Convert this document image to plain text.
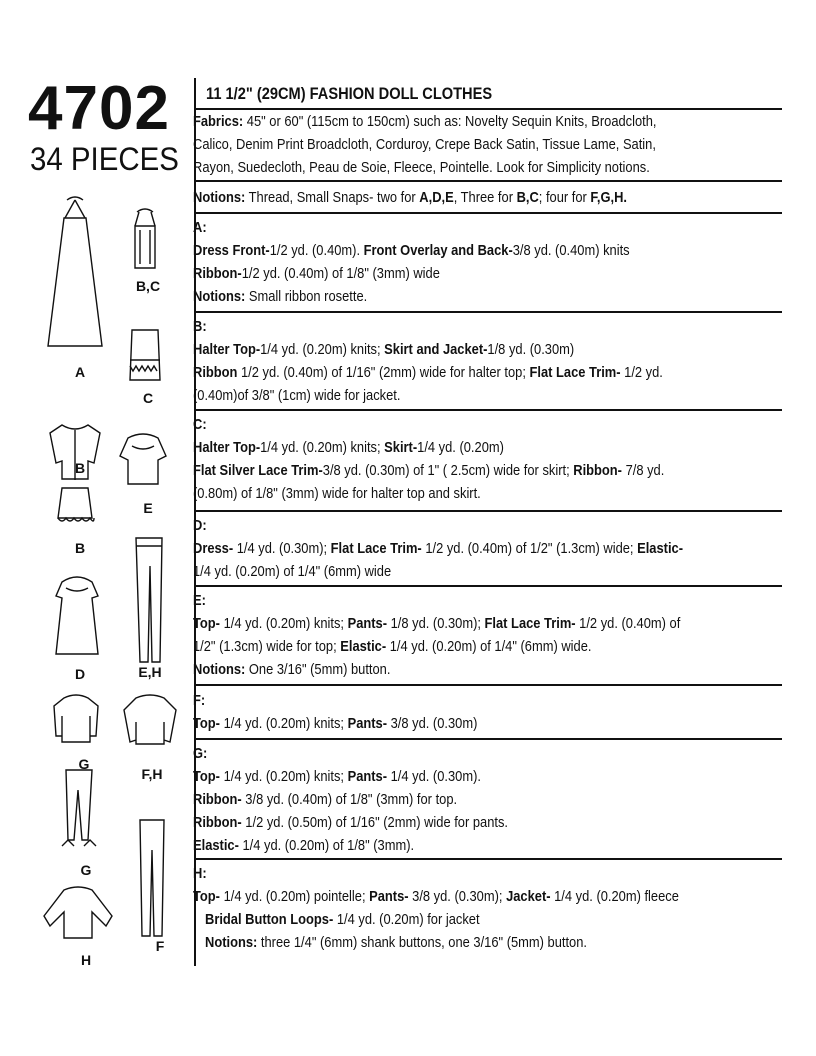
4702
34 PIECES
11 1/2" (29CM) FASHION DOLL CLOTHES
Fabrics: 45" or 60" (115cm to 150cm) such as: Novelty Sequin Knits, Broadcloth,
Calico, Denim Print Broadcloth, Corduroy, Crepe Back Satin, Tissue Lame, Satin,
Rayon, Suedecloth, Peau de Soie, Fleece, Pointelle. Look for Simplicity notions.
Notions: Thread, Small Snaps- two for A,D,E, Three for B,C; four for F,G,H.
A:
Dress Front-1/2 yd. (0.40m). Front Overlay and Back-3/8 yd. (0.40m) knits
Ribbon-1/2 yd. (0.40m) of 1/8" (3mm) wide
Notions: Small ribbon rosette.
B:
Halter Top-1/4 yd. (0.20m) knits; Skirt and Jacket-1/8 yd. (0.30m)
Ribbon 1/2 yd. (0.40m) of 1/16" (2mm) wide for halter top; Flat Lace Trim- 1/2 yd.
(0.40m)of 3/8" (1cm) wide for jacket.
C:
Halter Top-1/4 yd. (0.20m) knits; Skirt-1/4 yd. (0.20m)
Flat Silver Lace Trim-3/8 yd. (0.30m) of 1" ( 2.5cm) wide for skirt; Ribbon- 7/8 yd.
(0.80m) of 1/8" (3mm) wide for halter top and skirt.
D:
Dress- 1/4 yd. (0.30m); Flat Lace Trim- 1/2 yd. (0.40m) of 1/2" (1.3cm) wide; Elastic-
1/4 yd. (0.20m) of 1/4" (6mm) wide
E:
Top- 1/4 yd. (0.20m) knits; Pants- 1/8 yd. (0.30m); Flat Lace Trim- 1/2 yd. (0.40m) of
1/2" (1.3cm) wide for top; Elastic- 1/4 yd. (0.20m) of 1/4" (6mm) wide.
Notions: One 3/16" (5mm) button.
F:
Top- 1/4 yd. (0.20m) knits; Pants- 3/8 yd. (0.30m)
G:
Top- 1/4 yd. (0.20m) knits; Pants- 1/4 yd. (0.30m).
Ribbon- 3/8 yd. (0.40m) of 1/8" (3mm) for top.
Ribbon- 1/2 yd. (0.50m) of 1/16" (2mm) wide for pants.
Elastic- 1/4 yd. (0.20m) of 1/8" (3mm).
H:
Top- 1/4 yd. (0.20m) pointelle; Pants- 3/8 yd. (0.30m); Jacket- 1/4 yd. (0.20m) fleece
Bridal Button Loops- 1/4 yd. (0.20m) for jacket
Notions: three 1/4" (6mm) shank buttons, one 3/16" (5mm) button.
A
B,C
C
B
E
B
D	E,H
G
F,H
G
H
F
